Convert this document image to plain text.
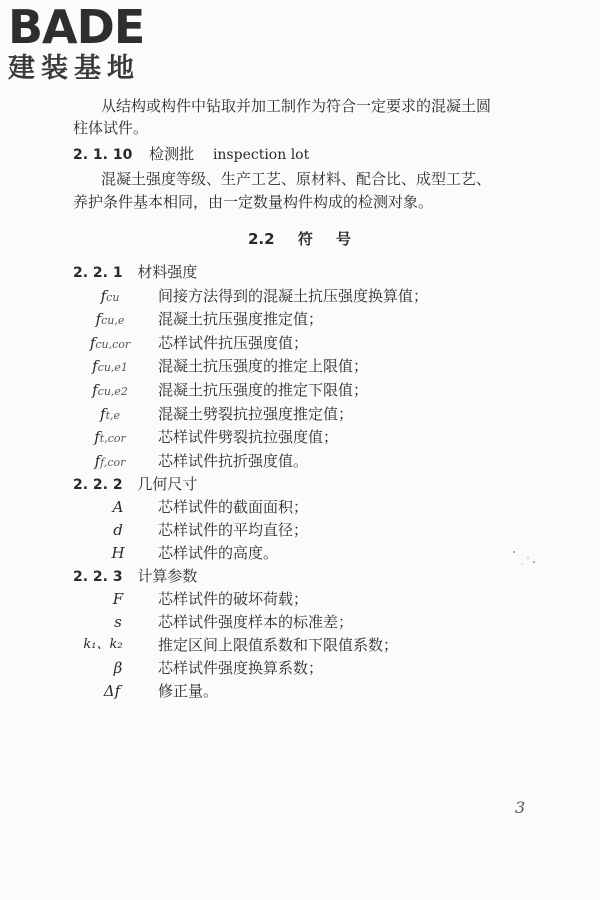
BADE
建装基地
从结构或构件中钻取并加工制作为符合一定要求的混凝土圆
柱体试件。
2. 1. 10 检测批 inspection lot
混凝土强度等级、生产工艺、原材料、配合比、成型工艺、
养护条件基本相同，由一定数量构件构成的检测对象。
2.2 符 号
2. 2. 1 材料强度
fcu	间接方法得到的混凝土抗压强度换算值；
fcu,e	混凝土抗压强度推定值；
fcu,cor	芯样试件抗压强度值；
fcu,e1	混凝土抗压强度的推定上限值；
fcu,e2	混凝土抗压强度的推定下限值；
ft,e	混凝土劈裂抗拉强度推定值；
ft,cor	芯样试件劈裂抗拉强度值；
ff,cor	芯样试件抗折强度值。
2. 2. 2 几何尺寸
A	芯样试件的截面面积；
d	芯样试件的平均直径；
H	芯样试件的高度。
2. 2. 3 计算参数
F	芯样试件的破坏荷载；
s	芯样试件强度样本的标准差；
k₁、k₂	推定区间上限值系数和下限值系数；
β	芯样试件强度换算系数；
Δf	修正量。
3
